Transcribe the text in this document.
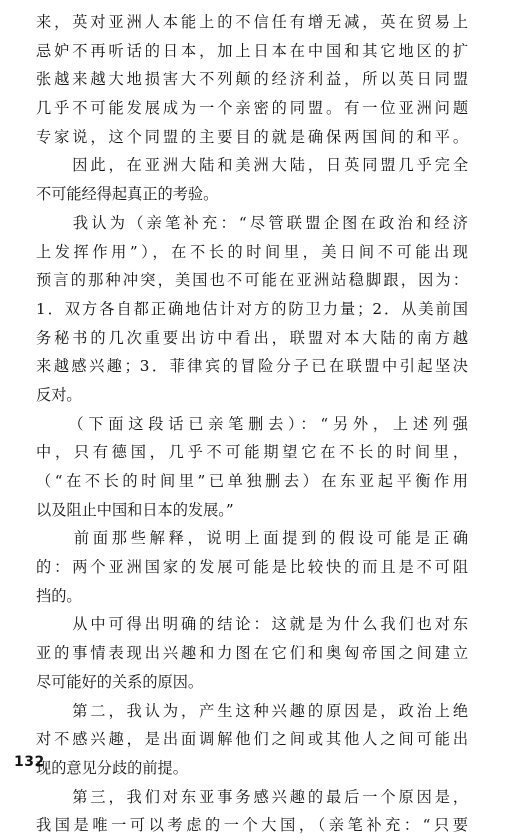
来，英对亚洲人本能上的不信任有增无减，英在贸易上
忌妒不再听话的日本，加上日本在中国和其它地区的扩
张越来越大地损害大不列颠的经济利益，所以英日同盟
几乎不可能发展成为一个亲密的同盟。有一位亚洲问题
专家说，这个同盟的主要目的就是确保两国间的和平。
　　因此，在亚洲大陆和美洲大陆，日英同盟几乎完全
不可能经得起真正的考验。
　　我认为（亲笔补充：“尽管联盟企图在政治和经济
上发挥作用”），在不长的时间里，美日间不可能出现
预言的那种冲突，美国也不可能在亚洲站稳脚跟，因为：
1．双方各自都正确地估计对方的防卫力量；2．从美前国
务秘书的几次重要出访中看出，联盟对本大陆的南方越
来越感兴趣；3．菲律宾的冒险分子已在联盟中引起坚决
反对。
　　（下面这段话已亲笔删去）：“另外，上述列强
中，只有德国，几乎不可能期望它在不长的时间里，
（“在不长的时间里”已单独删去）在东亚起平衡作用
以及阻止中国和日本的发展。”
　　前面那些解释，说明上面提到的假设可能是正确
的：两个亚洲国家的发展可能是比较快的而且是不可阻
挡的。
　　从中可得出明确的结论：这就是为什么我们也对东
亚的事情表现出兴趣和力图在它们和奥匈帝国之间建立
尽可能好的关系的原因。
　　第二，我认为，产生这种兴趣的原因是，政治上绝
对不感兴趣，是出面调解他们之间或其他人之间可能出
现的意见分歧的前提。
　　第三，我们对东亚事务感兴趣的最后一个原因是，
我国是唯一可以考虑的一个大国，（亲笔补充：“只要
132
